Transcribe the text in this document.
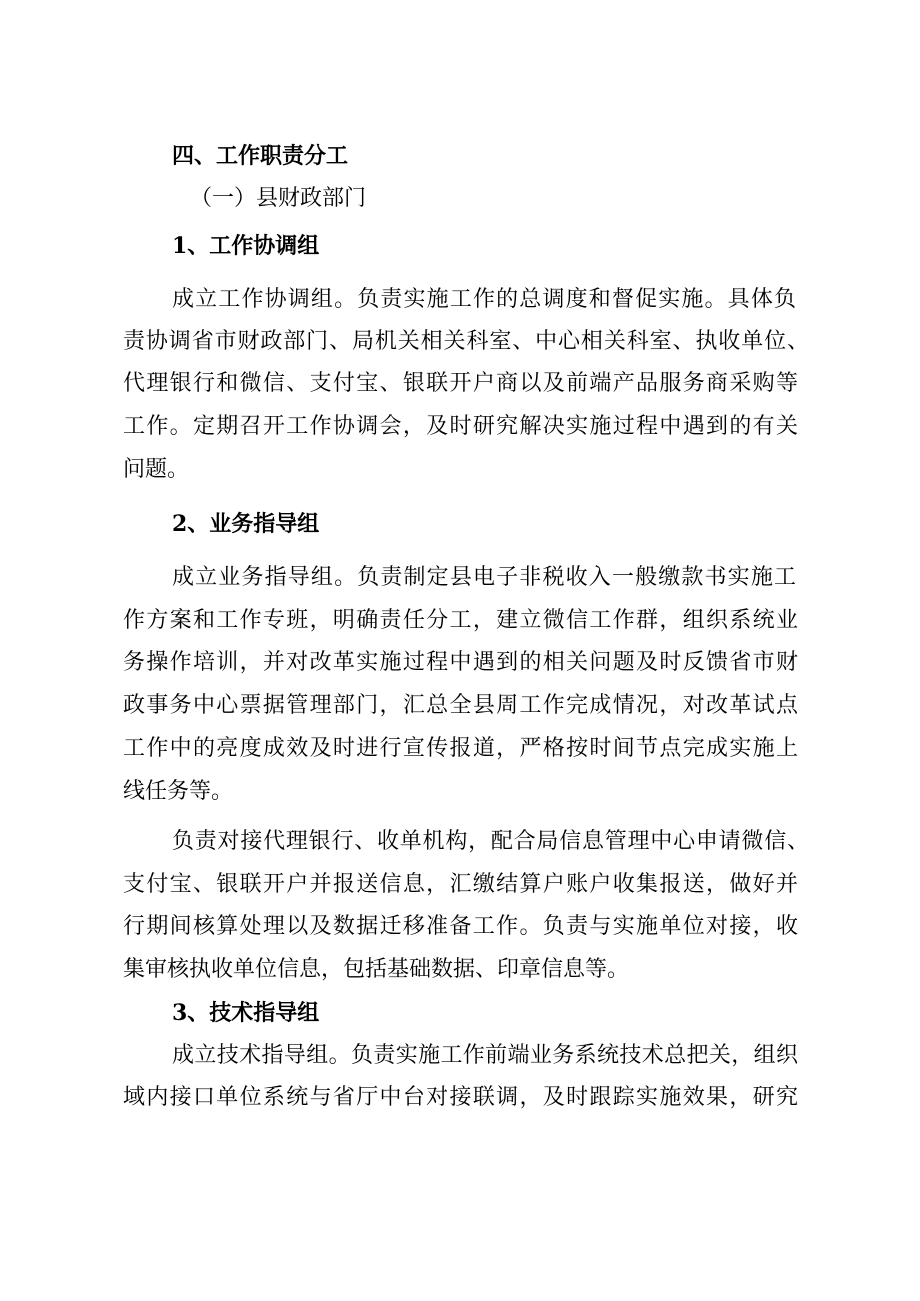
四、工作职责分工
（一）县财政部门
1、工作协调组
成立工作协调组。负责实施工作的总调度和督促实施。具体负
责协调省市财政部门、局机关相关科室、中心相关科室、执收单位、
代理银行和微信、支付宝、银联开户商以及前端产品服务商采购等
工作。定期召开工作协调会，及时研究解决实施过程中遇到的有关
问题。
2、业务指导组
成立业务指导组。负责制定县电子非税收入一般缴款书实施工
作方案和工作专班，明确责任分工，建立微信工作群，组织系统业
务操作培训，并对改革实施过程中遇到的相关问题及时反馈省市财
政事务中心票据管理部门，汇总全县周工作完成情况，对改革试点
工作中的亮度成效及时进行宣传报道，严格按时间节点完成实施上
线任务等。
负责对接代理银行、收单机构，配合局信息管理中心申请微信、
支付宝、银联开户并报送信息，汇缴结算户账户收集报送，做好并
行期间核算处理以及数据迁移准备工作。负责与实施单位对接，收
集审核执收单位信息，包括基础数据、印章信息等。
3、技术指导组
成立技术指导组。负责实施工作前端业务系统技术总把关，组织
域内接口单位系统与省厅中台对接联调，及时跟踪实施效果，研究
